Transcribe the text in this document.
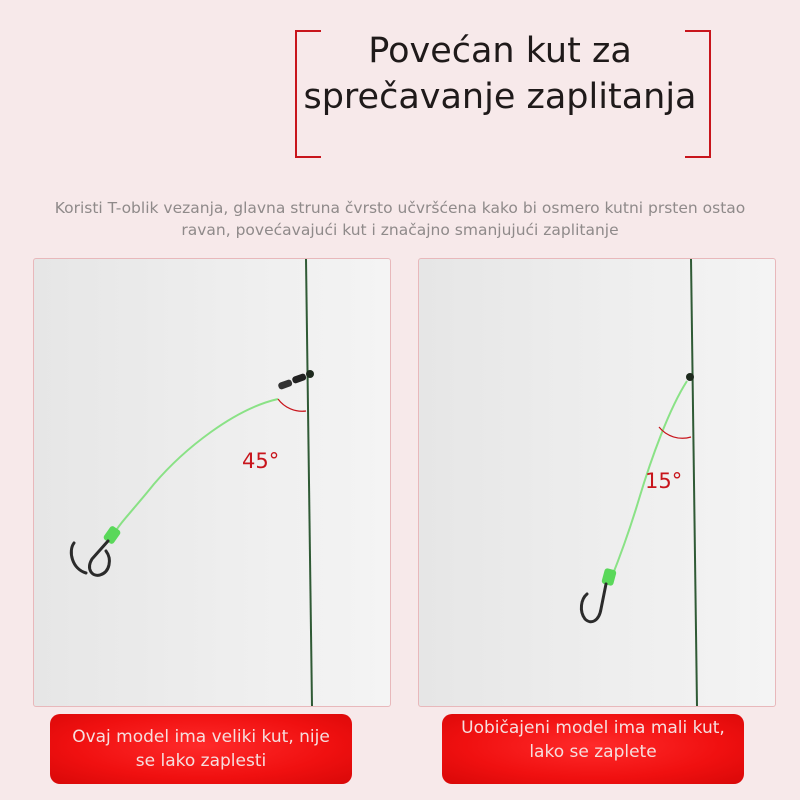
Povećan kut za sprečavanje zaplitanja
Koristi T-oblik vezanja, glavna struna čvrsto učvršćena kako bi osmero kutni prsten ostao ravan, povećavajući kut i značajno smanjujući zaplitanje
45°
15°
Ovaj model ima veliki kut, nije se lako zaplesti
Uobičajeni model ima mali kut, lako se zaplete
